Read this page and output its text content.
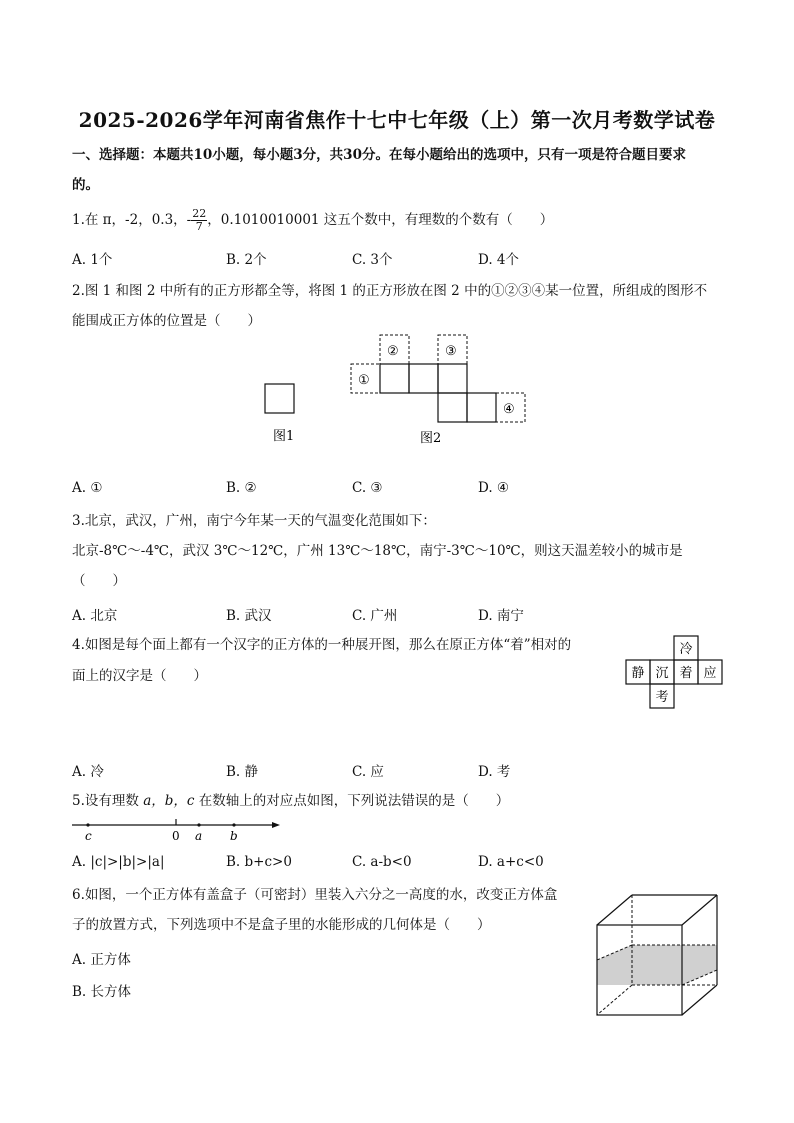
2025-2026学年河南省焦作十七中七年级（上）第一次月考数学试卷
一、选择题：本题共10小题，每小题3分，共30分。在每小题给出的选项中，只有一项是符合题目要求
的。
1.在 π，-2，0.3，- $\frac{22}{7}$ ，0.1010010001 这五个数中，有理数的个数有（　　）
A. 1个	B. 2个	C. 3个	D. 4个
2.图 1 和图 2 中所有的正方形都全等，将图 1 的正方形放在图 2 中的①②③④某一位置，所组成的图形不
能围成正方体的位置是（　　）
图1
①
②	③
④
图2
A. ①	B. ②	C. ③	D. ④
3.北京，武汉，广州，南宁今年某一天的气温变化范围如下：
北京-8℃～-4℃，武汉 3℃～12℃，广州 13℃～18℃，南宁-3℃～10℃，则这天温差较小的城市是
（　　）
A. 北京	B. 武汉	C. 广州	D. 南宁
4.如图是每个面上都有一个汉字的正方体的一种展开图，那么在原正方体“着”相对的
面上的汉字是（　　）
冷
静 沉 着 应
考
A. 冷	B. 静	C. 应	D. 考
5.设有理数 a，b，c 在数轴上的对应点如图，下列说法错误的是（　　）
c	0 a b
A. |c|>|b|>|a|	B. b+c>0	C. a-b<0	D. a+c<0
6.如图，一个正方体有盖盒子（可密封）里装入六分之一高度的水，改变正方体盒
子的放置方式，下列选项中不是盒子里的水能形成的几何体是（　　）
A. 正方体
B. 长方体
